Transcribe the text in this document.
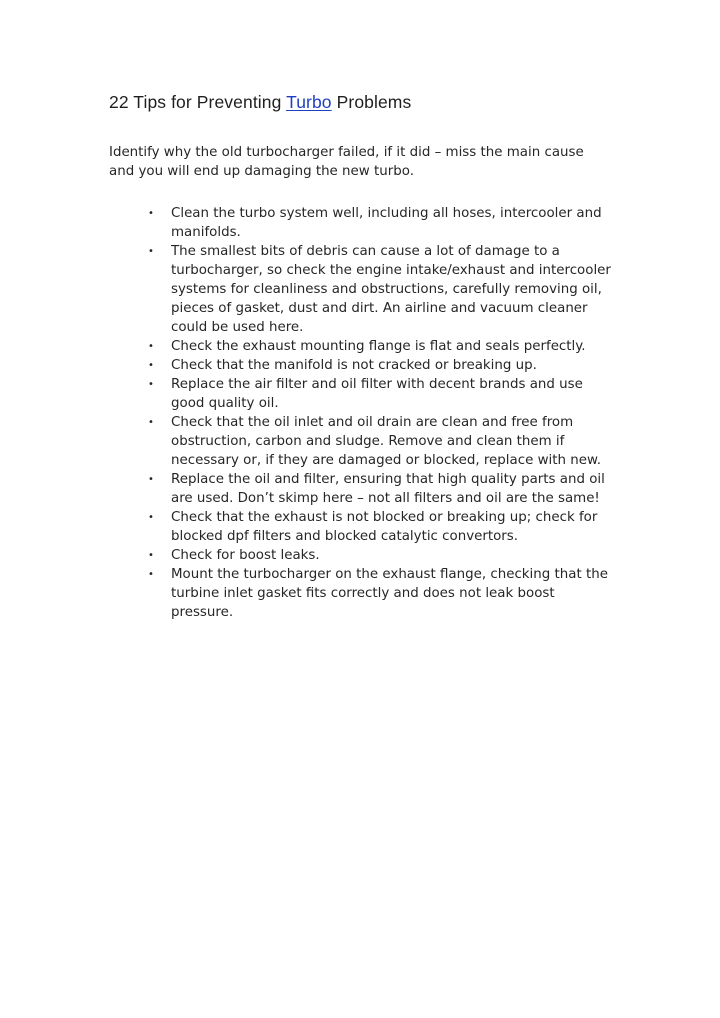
22 Tips for Preventing Turbo Problems

Identify why the old turbocharger failed, if it did – miss the main cause and you will end up damaging the new turbo.

• Clean the turbo system well, including all hoses, intercooler and manifolds.
• The smallest bits of debris can cause a lot of damage to a turbocharger, so check the engine intake/exhaust and intercooler systems for cleanliness and obstructions, carefully removing oil, pieces of gasket, dust and dirt. An airline and vacuum cleaner could be used here.
• Check the exhaust mounting flange is flat and seals perfectly.
• Check that the manifold is not cracked or breaking up.
• Replace the air filter and oil filter with decent brands and use good quality oil.
• Check that the oil inlet and oil drain are clean and free from obstruction, carbon and sludge. Remove and clean them if necessary or, if they are damaged or blocked, replace with new.
• Replace the oil and filter, ensuring that high quality parts and oil are used. Don’t skimp here – not all filters and oil are the same!
• Check that the exhaust is not blocked or breaking up; check for blocked dpf filters and blocked catalytic convertors.
• Check for boost leaks.
• Mount the turbocharger on the exhaust flange, checking that the turbine inlet gasket fits correctly and does not leak boost pressure.
